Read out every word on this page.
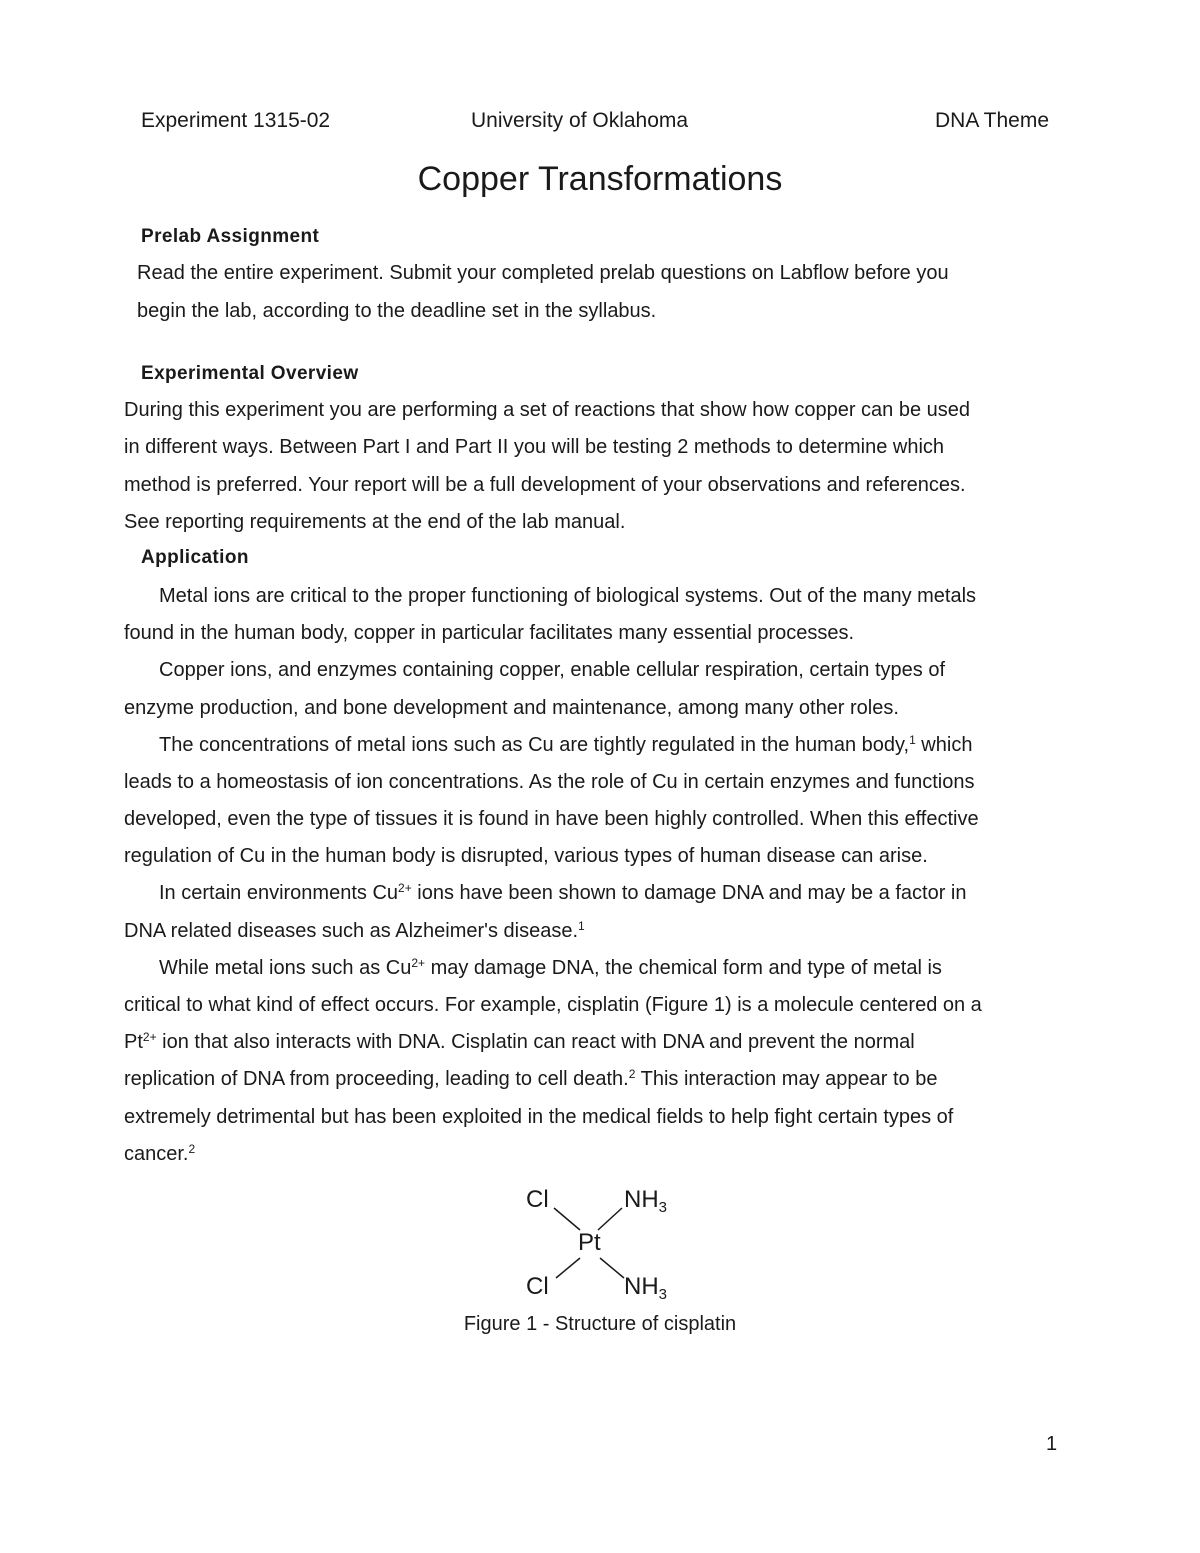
Experiment 1315-02	University of Oklahoma	DNA Theme
Copper Transformations
Prelab Assignment
Read the entire experiment. Submit your completed prelab questions on Labflow before you
begin the lab, according to the deadline set in the syllabus.
Experimental Overview
During this experiment you are performing a set of reactions that show how copper can be used
in different ways. Between Part I and Part II you will be testing 2 methods to determine which
method is preferred. Your report will be a full development of your observations and references.
See reporting requirements at the end of the lab manual.
Application
Metal ions are critical to the proper functioning of biological systems. Out of the many metals
found in the human body, copper in particular facilitates many essential processes.
Copper ions, and enzymes containing copper, enable cellular respiration, certain types of
enzyme production, and bone development and maintenance, among many other roles.
The concentrations of metal ions such as Cu are tightly regulated in the human body,$^1$ which
leads to a homeostasis of ion concentrations. As the role of Cu in certain enzymes and functions
developed, even the type of tissues it is found in have been highly controlled. When this effective
regulation of Cu in the human body is disrupted, various types of human disease can arise.
In certain environments $Cu^{2+}$ ions have been shown to damage DNA and may be a factor in
DNA related diseases such as Alzheimer's disease.$^1$
While metal ions such as $Cu^{2+}$ may damage DNA, the chemical form and type of metal is
critical to what kind of effect occurs. For example, cisplatin (Figure 1) is a molecule centered on a
$Pt^{2+}$ ion that also interacts with DNA. Cisplatin can react with DNA and prevent the normal
replication of DNA from proceeding, leading to cell death.$^2$ This interaction may appear to be
extremely detrimental but has been exploited in the medical fields to help fight certain types of
cancer.$^2$
Cl	$NH_3$
Pt
Cl	$NH_3$
Figure 1 - Structure of cisplatin
1
